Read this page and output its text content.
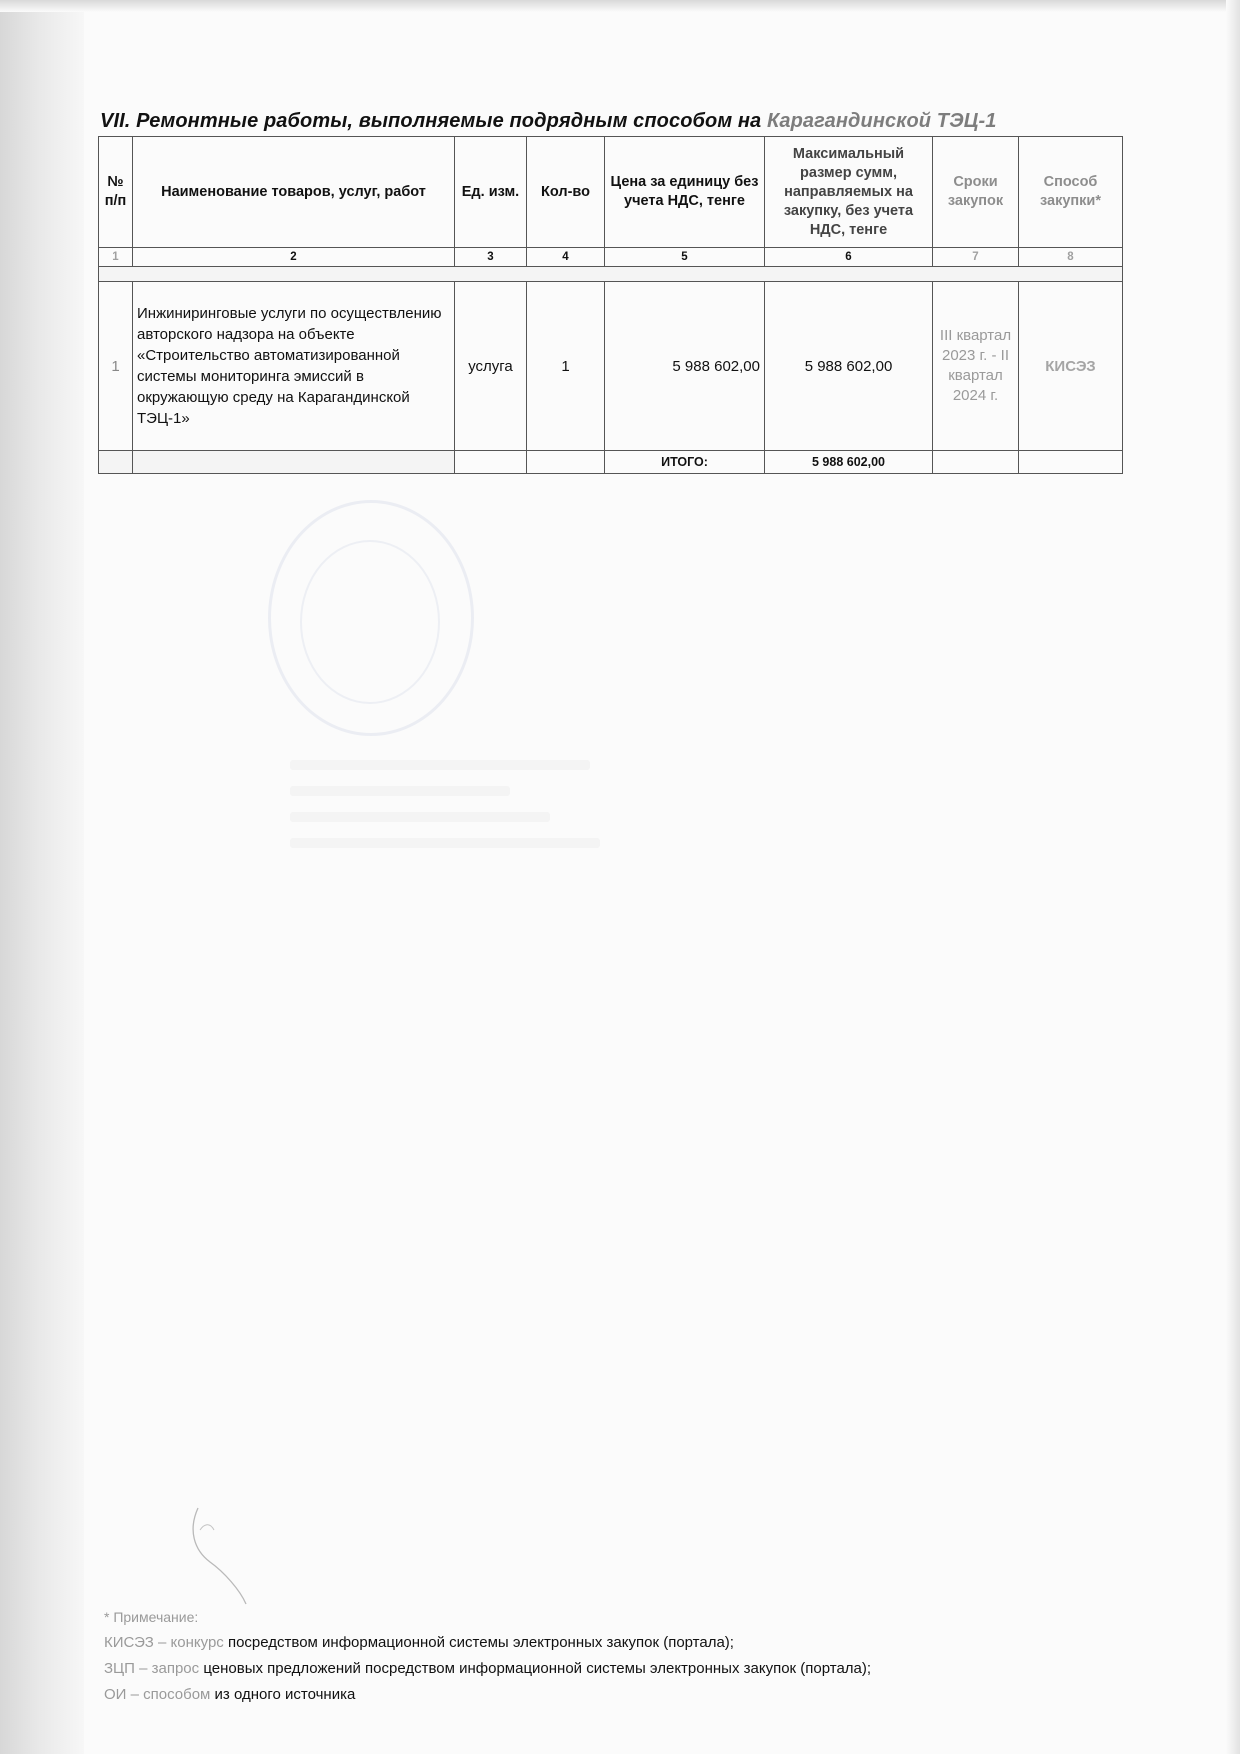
VII. Ремонтные работы, выполняемые подрядным способом на Карагандинской ТЭЦ-1
№ п/п	Наименование товаров, услуг, работ	Ед. изм.	Кол-во	Цена за единицу без учета НДС, тенге	Максимальный размер сумм, направляемых на закупку, без учета НДС, тенге	Сроки закупок	Способ закупки*
1	2	3	4	5	6	7	8

1	Инжиниринговые услуги по осуществлению авторского надзора на объекте «Строительство автоматизированной системы мониторинга эмиссий в окружающую среду на Карагандинской ТЭЦ-1»	услуга	1	5 988 602,00	5 988 602,00	III квартал 2023 г. - II квартал 2024 г.	КИСЭЗ
				ИТОГО:	5 988 602,00		
* Примечание:
КИСЭЗ – конкурс посредством информационной системы электронных закупок (портала);
ЗЦП – запрос ценовых предложений посредством информационной системы электронных закупок (портала);
ОИ – способом из одного источника
